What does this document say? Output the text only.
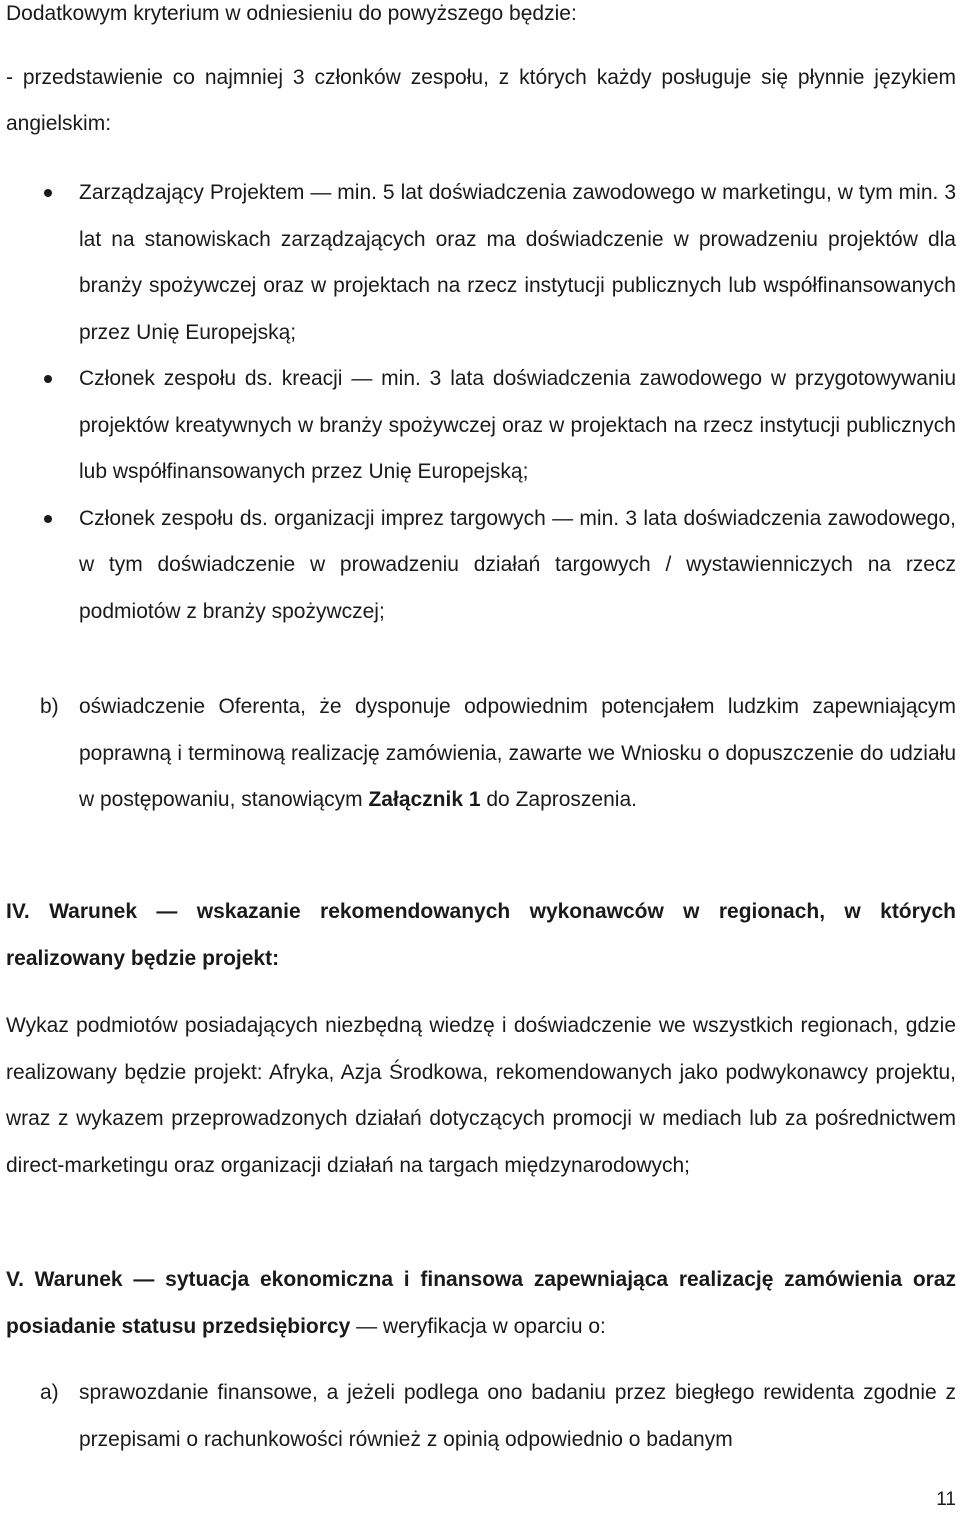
Dodatkowym kryterium w odniesieniu do powyższego będzie:
- przedstawienie co najmniej 3 członków zespołu, z których każdy posługuje się płynnie językiem angielskim:
Zarządzający Projektem — min. 5 lat doświadczenia zawodowego w marketingu, w tym min. 3 lat na stanowiskach zarządzających oraz ma doświadczenie w prowadzeniu projektów dla branży spożywczej oraz w projektach na rzecz instytucji publicznych lub współfinansowanych przez Unię Europejską;
Członek zespołu ds. kreacji — min. 3 lata doświadczenia zawodowego w przygotowywaniu projektów kreatywnych w branży spożywczej oraz w projektach na rzecz instytucji publicznych lub współfinansowanych przez Unię Europejską;
Członek zespołu ds. organizacji imprez targowych — min. 3 lata doświadczenia zawodowego, w tym doświadczenie w prowadzeniu działań targowych / wystawienniczych na rzecz podmiotów z branży spożywczej;
b) oświadczenie Oferenta, że dysponuje odpowiednim potencjałem ludzkim zapewniającym poprawną i terminową realizację zamówienia, zawarte we Wniosku o dopuszczenie do udziału w postępowaniu, stanowiącym Załącznik 1 do Zaproszenia.
IV. Warunek — wskazanie rekomendowanych wykonawców w regionach, w których realizowany będzie projekt:
Wykaz podmiotów posiadających niezbędną wiedzę i doświadczenie we wszystkich regionach, gdzie realizowany będzie projekt: Afryka, Azja Środkowa, rekomendowanych jako podwykonawcy projektu, wraz z wykazem przeprowadzonych działań dotyczących promocji w mediach lub za pośrednictwem direct-marketingu oraz organizacji działań na targach międzynarodowych;
V. Warunek — sytuacja ekonomiczna i finansowa zapewniająca realizację zamówienia oraz posiadanie statusu przedsiębiorcy — weryfikacja w oparciu o:
a) sprawozdanie finansowe, a jeżeli podlega ono badaniu przez biegłego rewidenta zgodnie z przepisami o rachunkowości również z opinią odpowiednio o badanym
11
